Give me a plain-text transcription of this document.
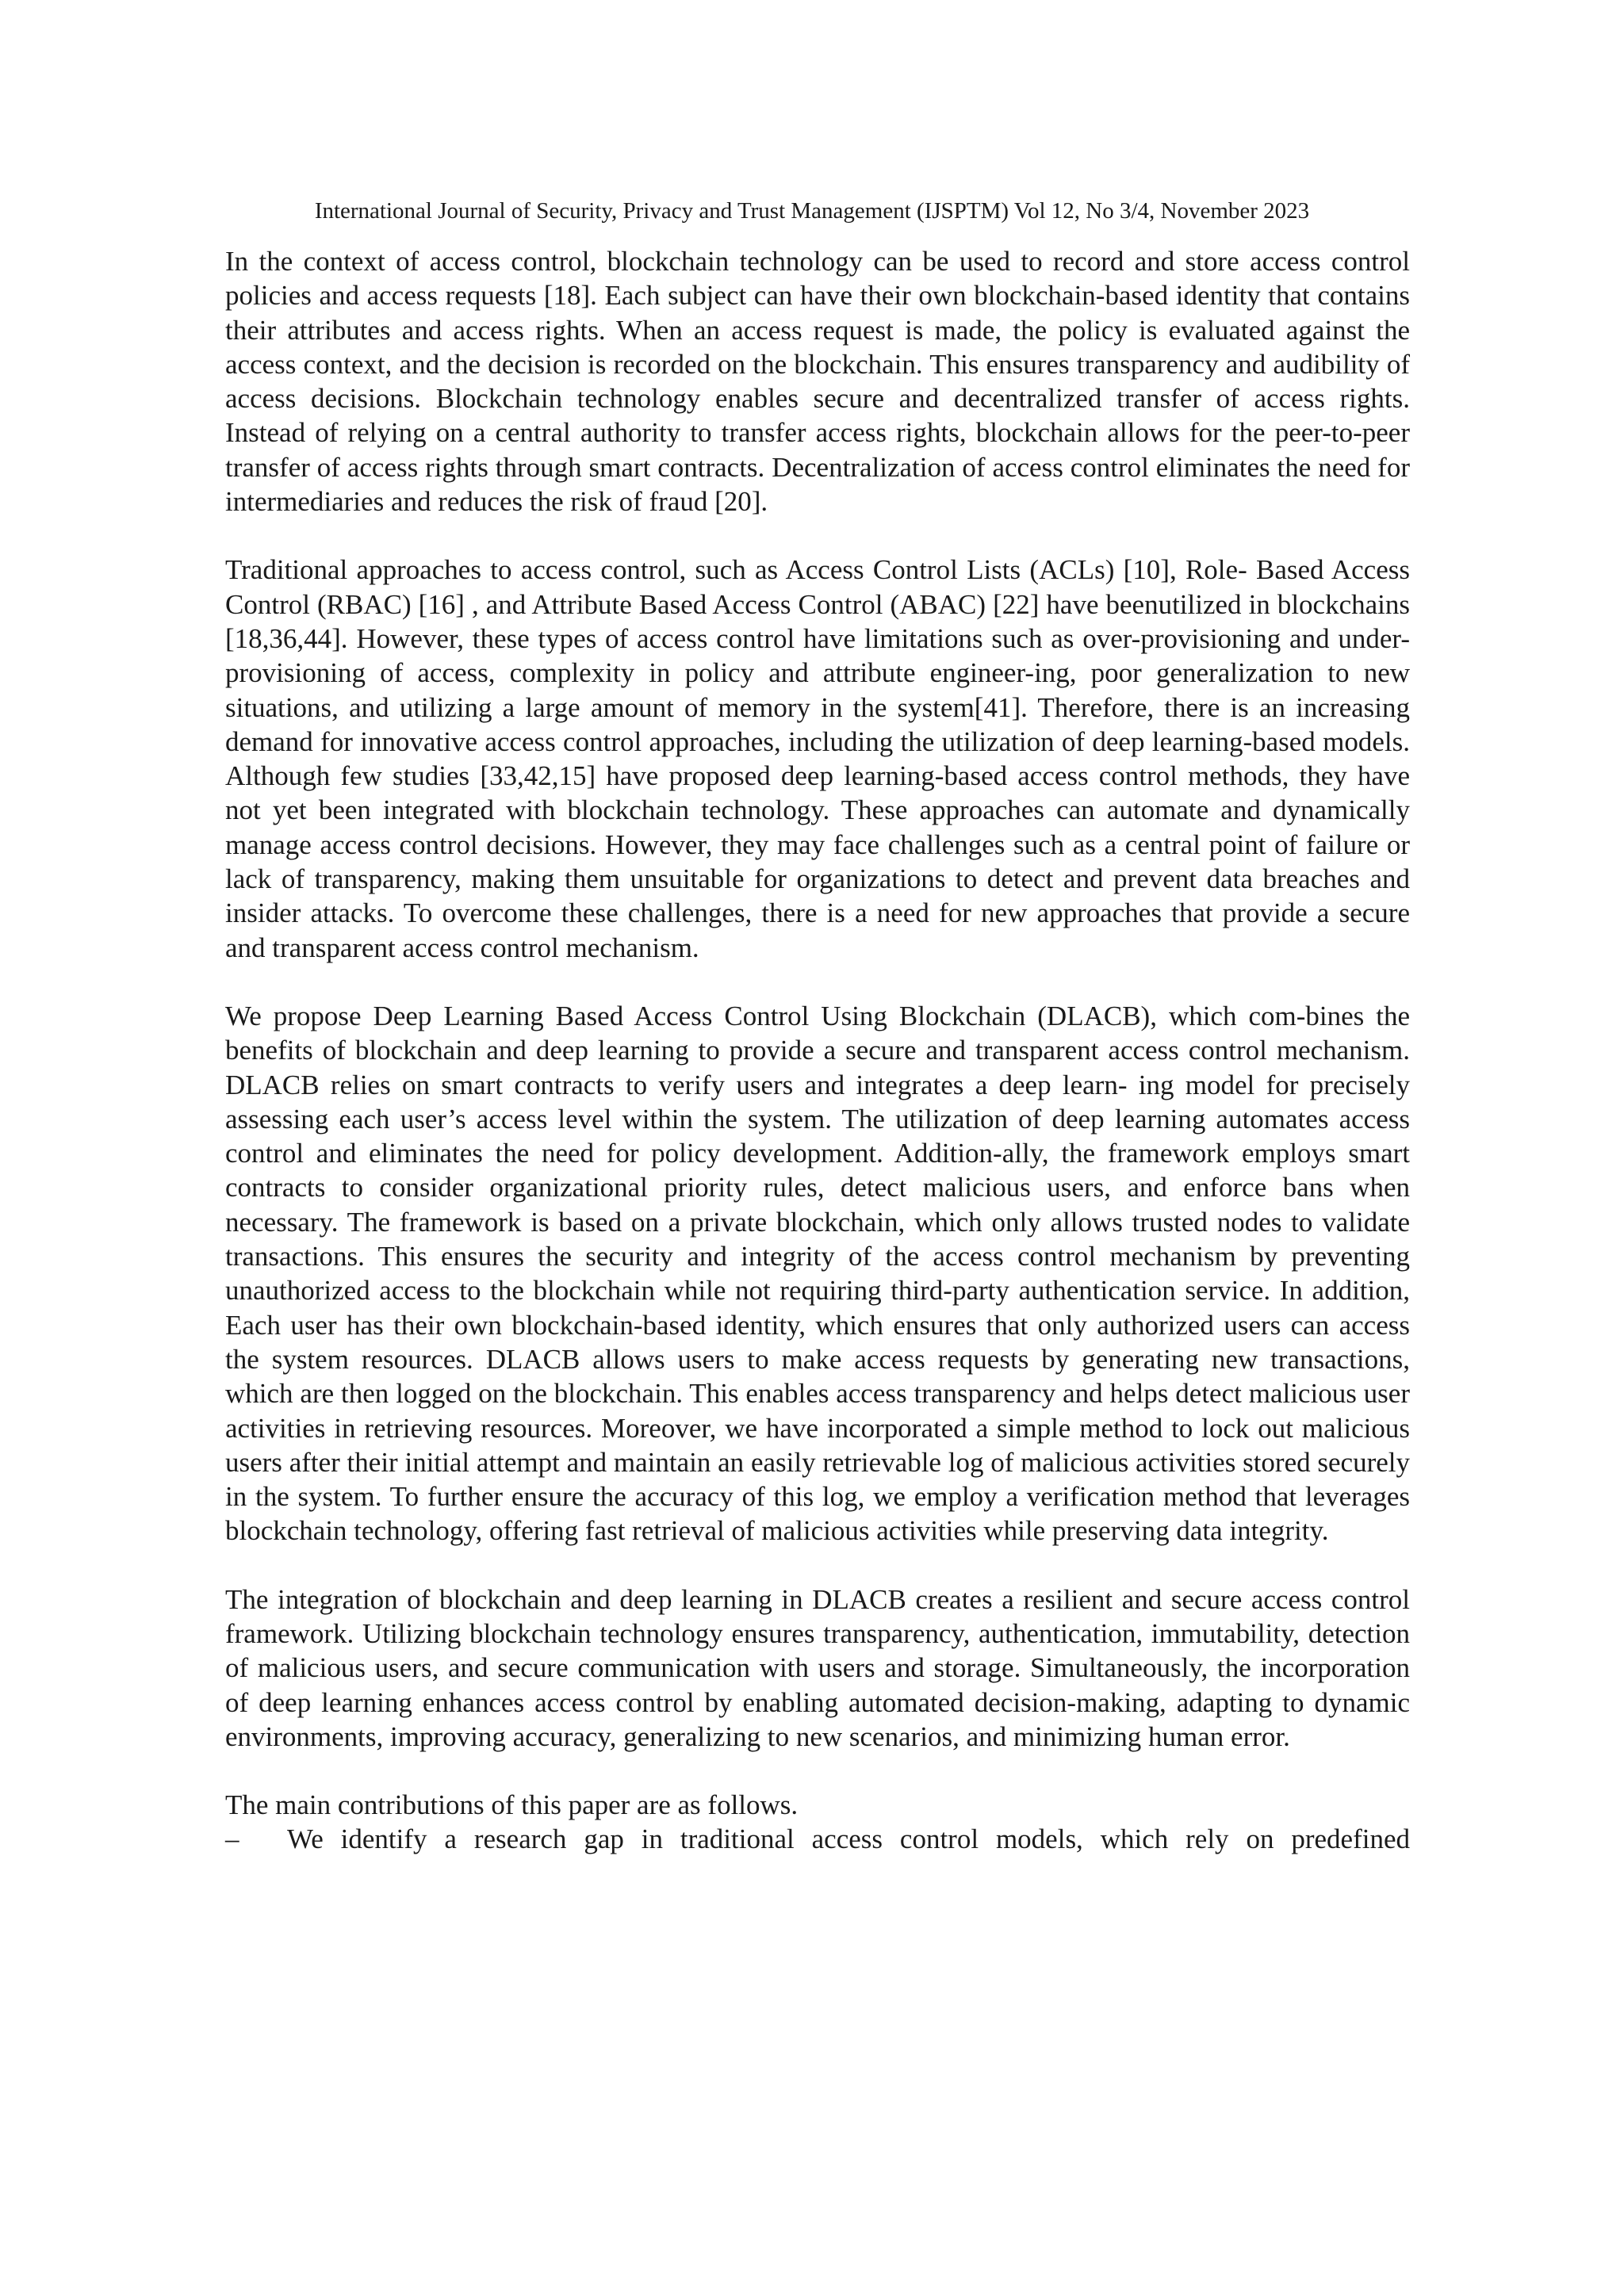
International Journal of Security, Privacy and Trust Management (IJSPTM) Vol 12, No 3/4, November 2023

In the context of access control, blockchain technology can be used to record and store access control policies and access requests [18]. Each subject can have their own blockchain-based identity that contains their attributes and access rights. When an access request is made, the policy is evaluated against the access context, and the decision is recorded on the blockchain. This ensures transparency and audibility of access decisions. Blockchain technology enables secure and decentralized transfer of access rights. Instead of relying on a central authority to transfer access rights, blockchain allows for the peer-to-peer transfer of access rights through smart contracts. Decentralization of access control eliminates the need for intermediaries and reduces the risk of fraud [20].

Traditional approaches to access control, such as Access Control Lists (ACLs) [10], Role- Based Access Control (RBAC) [16] , and Attribute Based Access Control (ABAC) [22] have beenutilized in blockchains [18,36,44]. However, these types of access control have limitations such as over-provisioning and under-provisioning of access, complexity in policy and attribute engineer-ing, poor generalization to new situations, and utilizing a large amount of memory in the system[41]. Therefore, there is an increasing demand for innovative access control approaches, including the utilization of deep learning-based models. Although few studies [33,42,15] have proposed deep learning-based access control methods, they have not yet been integrated with blockchain technology. These approaches can automate and dynamically manage access control decisions. However, they may face challenges such as a central point of failure or lack of transparency, making them unsuitable for organizations to detect and prevent data breaches and insider attacks. To overcome these challenges, there is a need for new approaches that provide a secure and transparent access control mechanism.

We propose Deep Learning Based Access Control Using Blockchain (DLACB), which com-bines the benefits of blockchain and deep learning to provide a secure and transparent access control mechanism. DLACB relies on smart contracts to verify users and integrates a deep learn- ing model for precisely assessing each user’s access level within the system. The utilization of deep learning automates access control and eliminates the need for policy development. Addition-ally, the framework employs smart contracts to consider organizational priority rules, detect malicious users, and enforce bans when necessary. The framework is based on a private blockchain, which only allows trusted nodes to validate transactions. This ensures the security and integrity of the access control mechanism by preventing unauthorized access to the blockchain while not requiring third-party authentication service. In addition, Each user has their own blockchain-based identity, which ensures that only authorized users can access the system resources. DLACB allows users to make access requests by generating new transactions, which are then logged on the blockchain. This enables access transparency and helps detect malicious user activities in retrieving resources. Moreover, we have incorporated a simple method to lock out malicious users after their initial attempt and maintain an easily retrievable log of malicious activities stored securely in the system. To further ensure the accuracy of this log, we employ a verification method that leverages blockchain technology, offering fast retrieval of malicious activities while preserving data integrity.

The integration of blockchain and deep learning in DLACB creates a resilient and secure access control framework. Utilizing blockchain technology ensures transparency, authentication, immutability, detection of malicious users, and secure communication with users and storage. Simultaneously, the incorporation of deep learning enhances access control by enabling automated decision-making, adapting to dynamic environments, improving accuracy, generalizing to new scenarios, and minimizing human error.

The main contributions of this paper are as follows.

–	We identify a research gap in traditional access control models, which rely on predefined
